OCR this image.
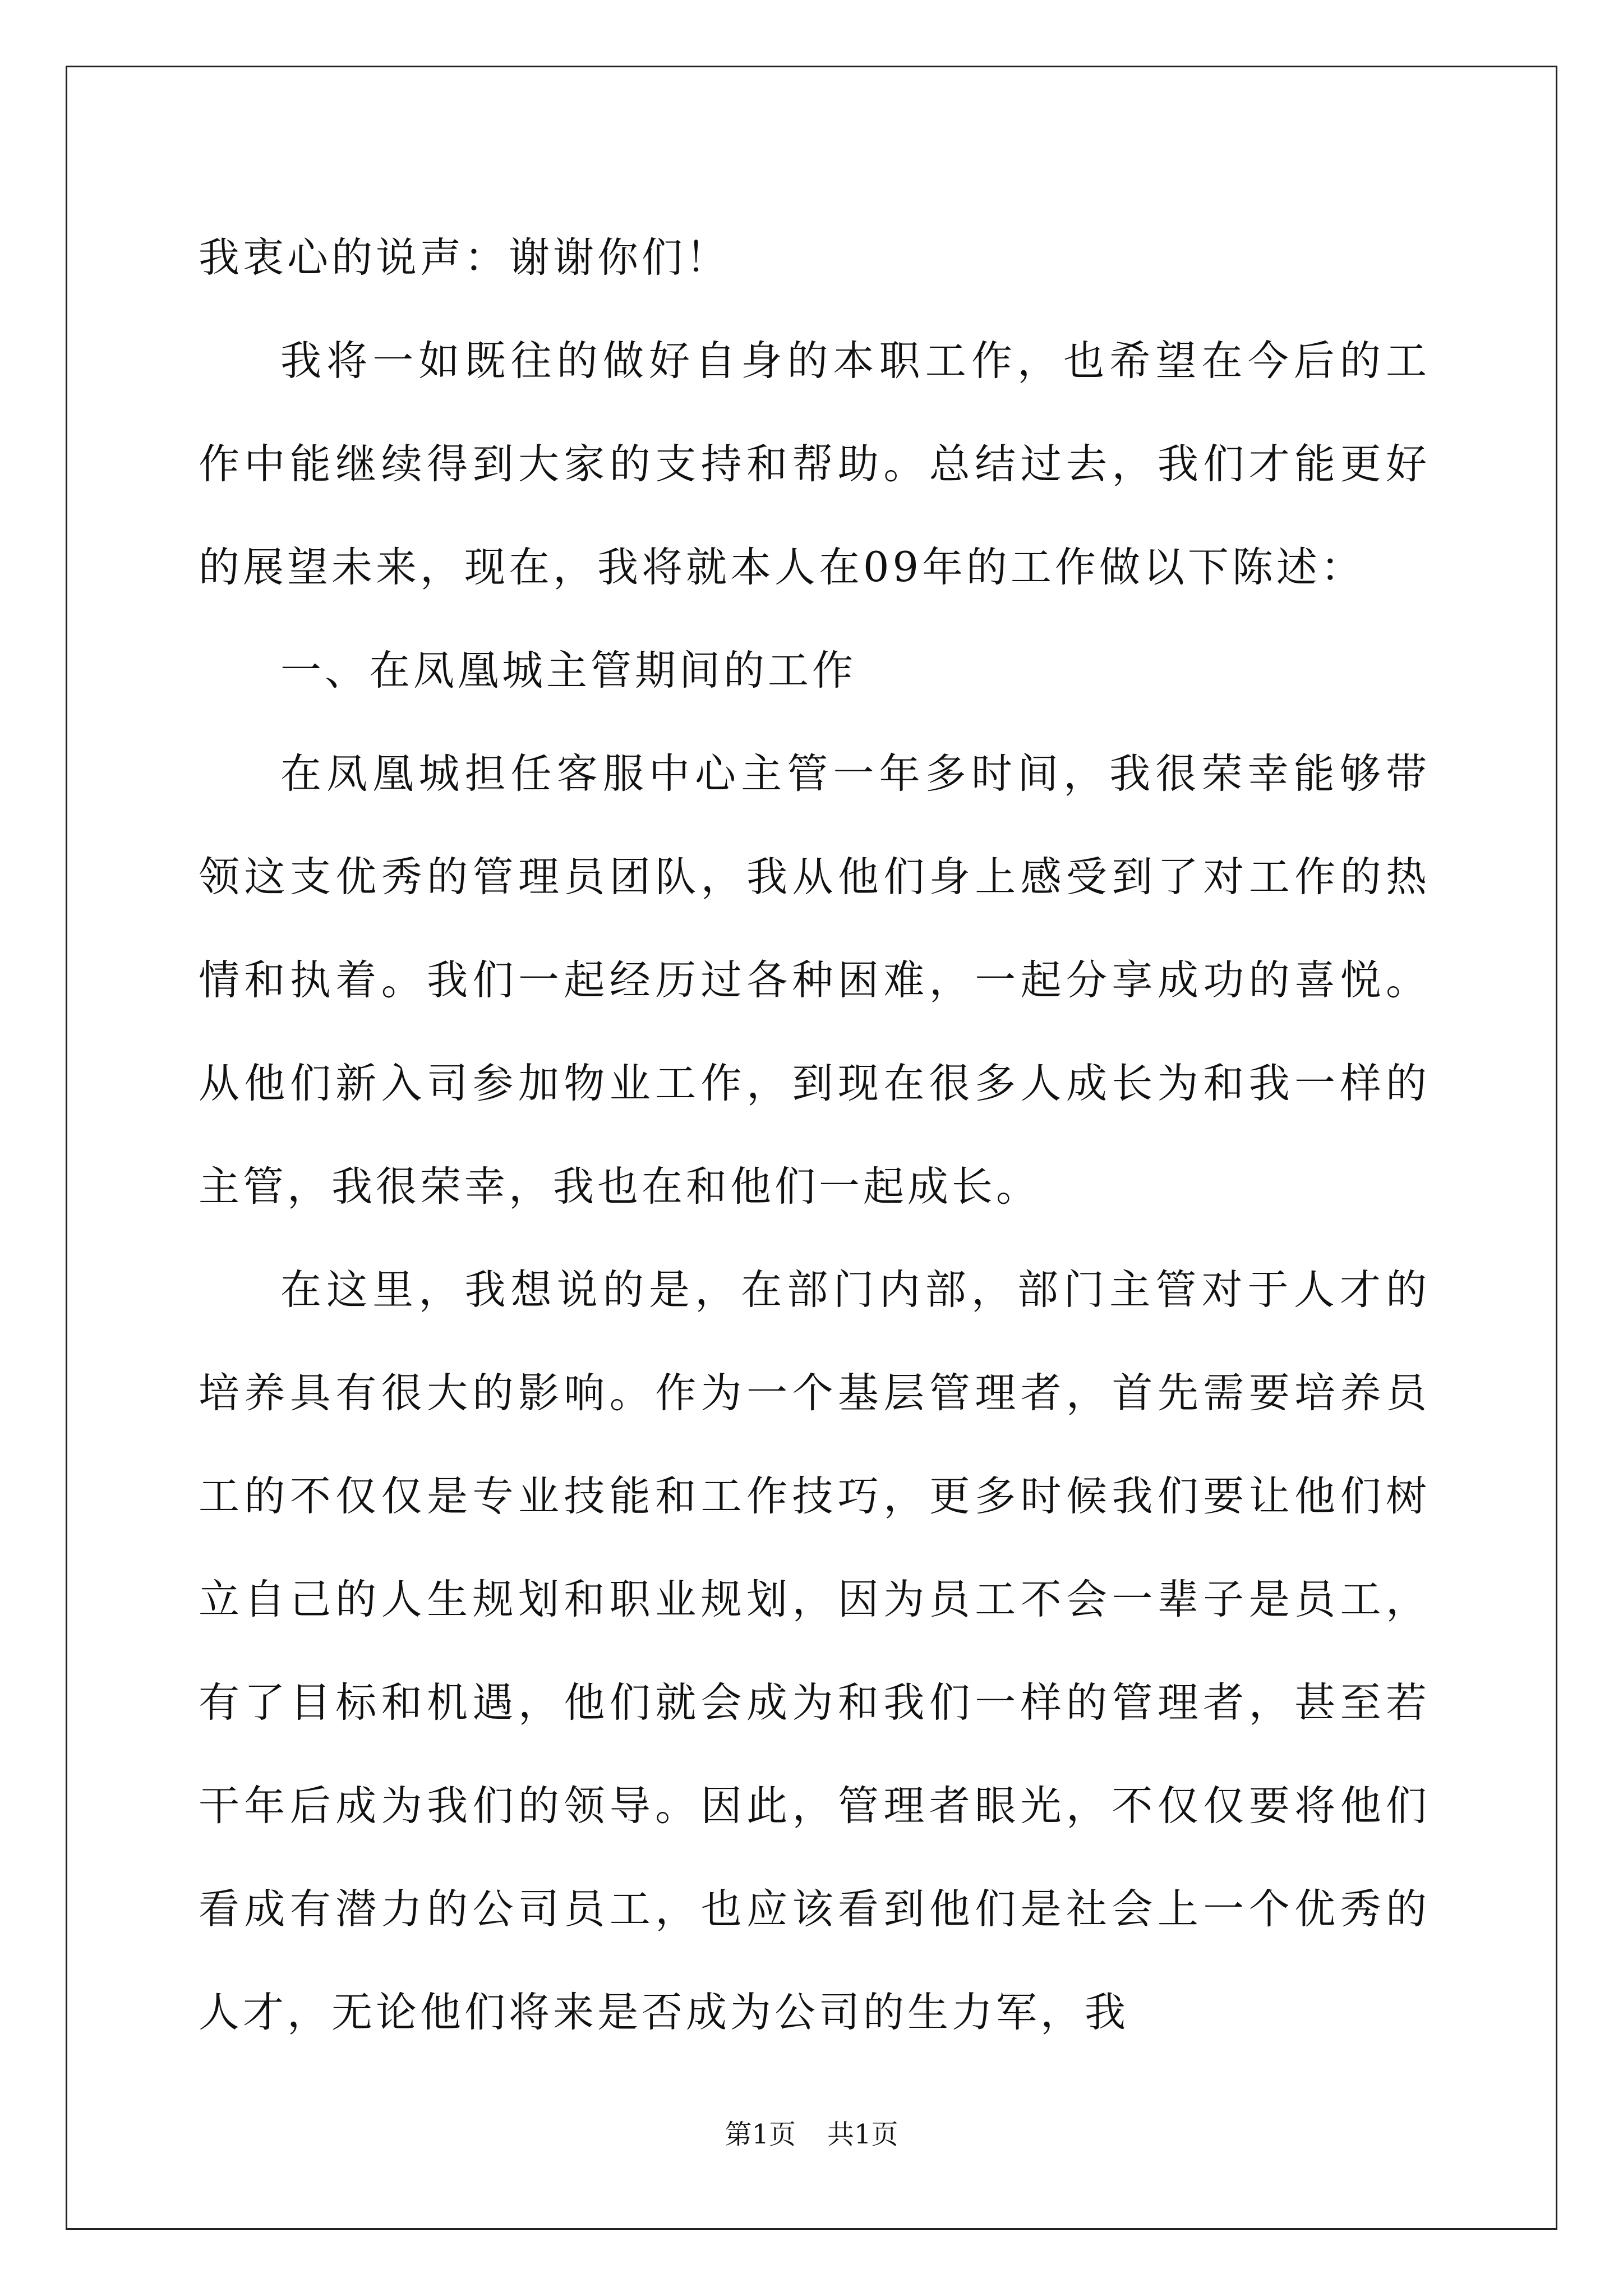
我衷心的说声：谢谢你们！

我将一如既往的做好自身的本职工作，也希望在今后的工作中能继续得到大家的支持和帮助。总结过去，我们才能更好的展望未来，现在，我将就本人在09年的工作做以下陈述：

一、在凤凰城主管期间的工作

在凤凰城担任客服中心主管一年多时间，我很荣幸能够带领这支优秀的管理员团队，我从他们身上感受到了对工作的热情和执着。我们一起经历过各种困难，一起分享成功的喜悦。从他们新入司参加物业工作，到现在很多人成长为和我一样的主管，我很荣幸，我也在和他们一起成长。

在这里，我想说的是，在部门内部，部门主管对于人才的培养具有很大的影响。作为一个基层管理者，首先需要培养员工的不仅仅是专业技能和工作技巧，更多时候我们要让他们树立自己的人生规划和职业规划，因为员工不会一辈子是员工，有了目标和机遇，他们就会成为和我们一样的管理者，甚至若干年后成为我们的领导。因此，管理者眼光，不仅仅要将他们看成有潜力的公司员工，也应该看到他们是社会上一个优秀的人才，无论他们将来是否成为公司的生力军，我

第1页 共1页
